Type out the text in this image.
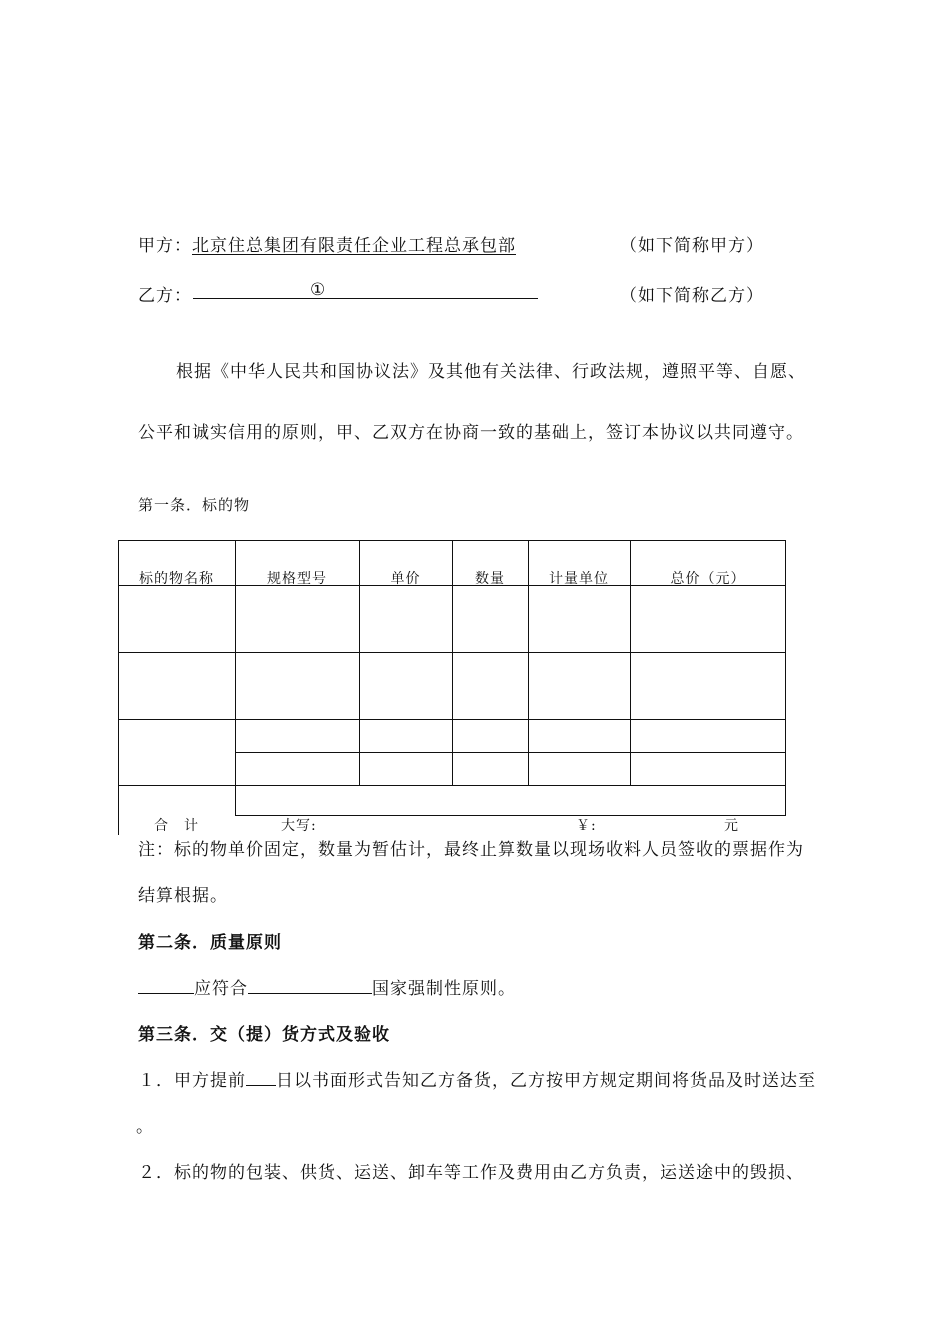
甲方：北京住总集团有限责任企业工程总承包部	（如下简称甲方）
乙方：	①	（如下简称乙方）
根据《中华人民共和国协议法》及其他有关法律、行政法规，遵照平等、自愿、
公平和诚实信用的原则，甲、乙双方在协商一致的基础上，签订本协议以共同遵守。
第一条．标的物
标的物名称	规格型号	单价	数量	计量单位	总价（元）
合　计	大写:	￥:	元
注：标的物单价固定，数量为暂估计，最终止算数量以现场收料人员签收的票据作为
结算根据。
第二条．质量原则
应符合	国家强制性原则。
第三条．交（提）货方式及验收
１．甲方提前 日以书面形式告知乙方备货，乙方按甲方规定期间将货品及时送达至
。
２．标的物的包装、供货、运送、卸车等工作及费用由乙方负责，运送途中的毁损、
